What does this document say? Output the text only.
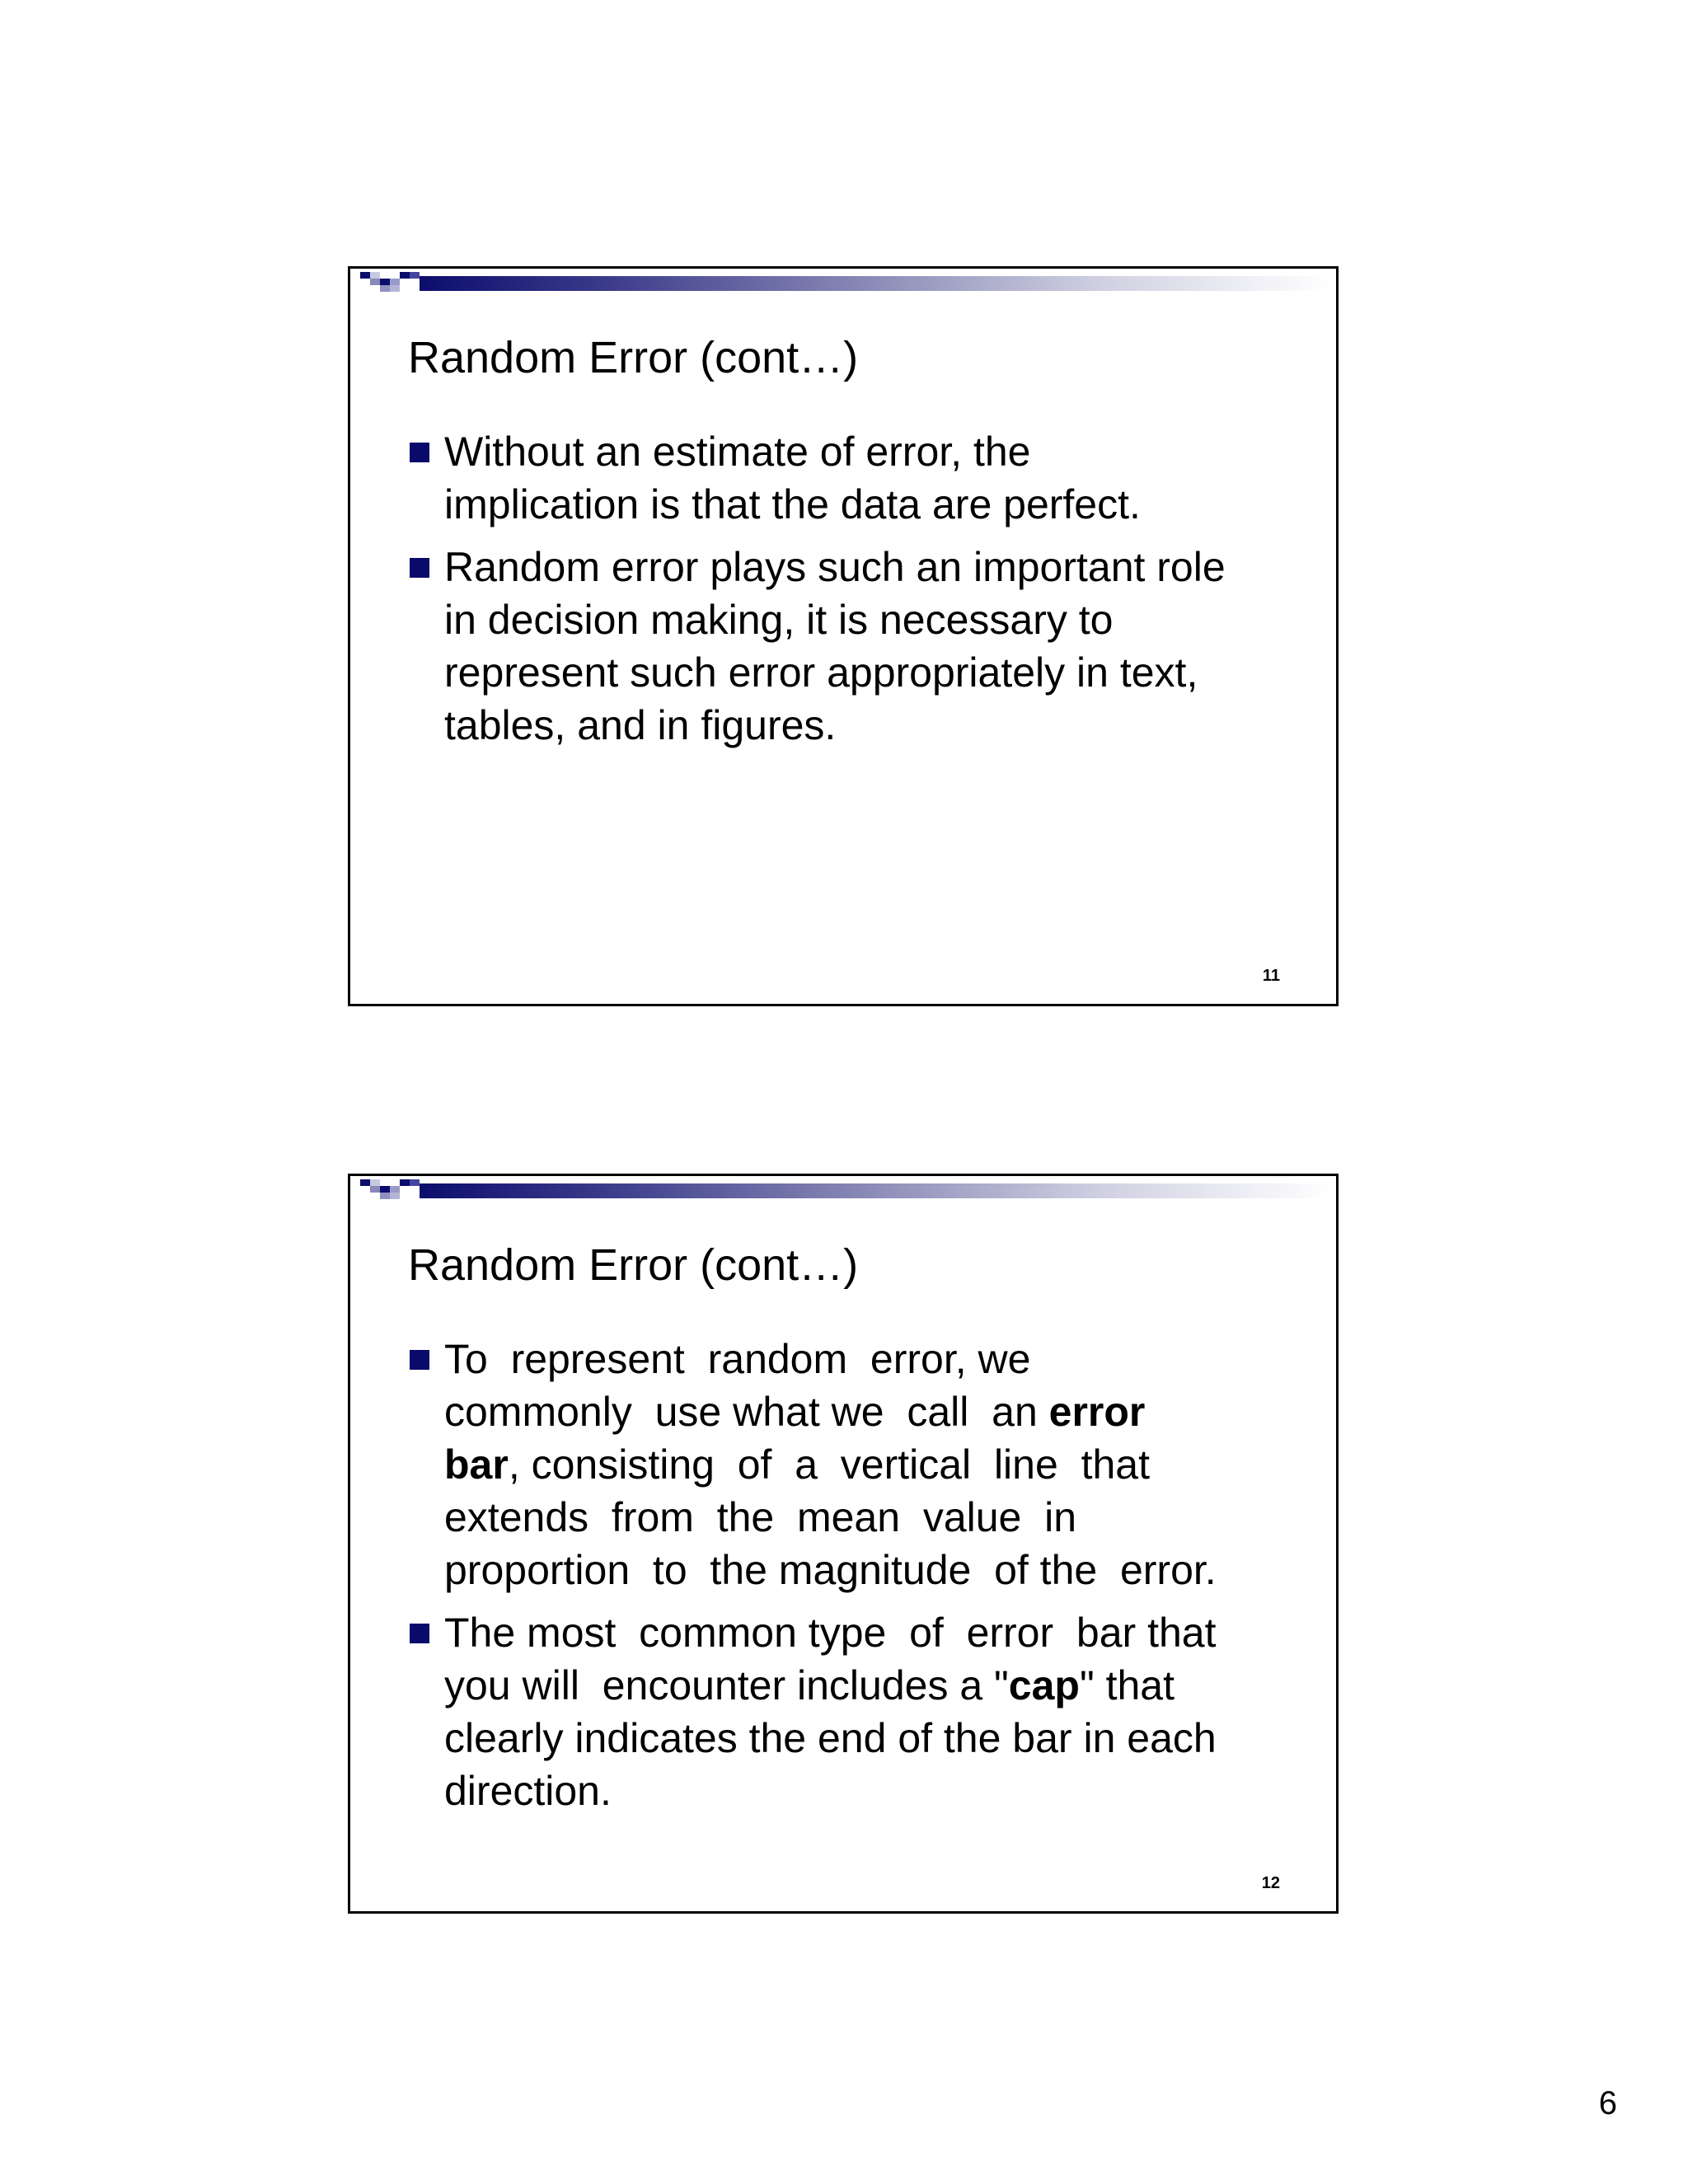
Random Error (cont…)
Without an estimate of error, the
implication is that the data are perfect.
Random error plays such an important role
in decision making, it is necessary to
represent such error appropriately in text,
tables, and in figures.
11
Random Error (cont…)
To  represent  random  error, we
commonly  use what we  call  an error
bar, consisting  of  a  vertical  line  that
extends  from  the  mean  value  in
proportion  to  the magnitude  of the  error.
The most  common type  of  error  bar that
you will  encounter includes a "cap" that
clearly indicates the end of the bar in each
direction.
12
6
